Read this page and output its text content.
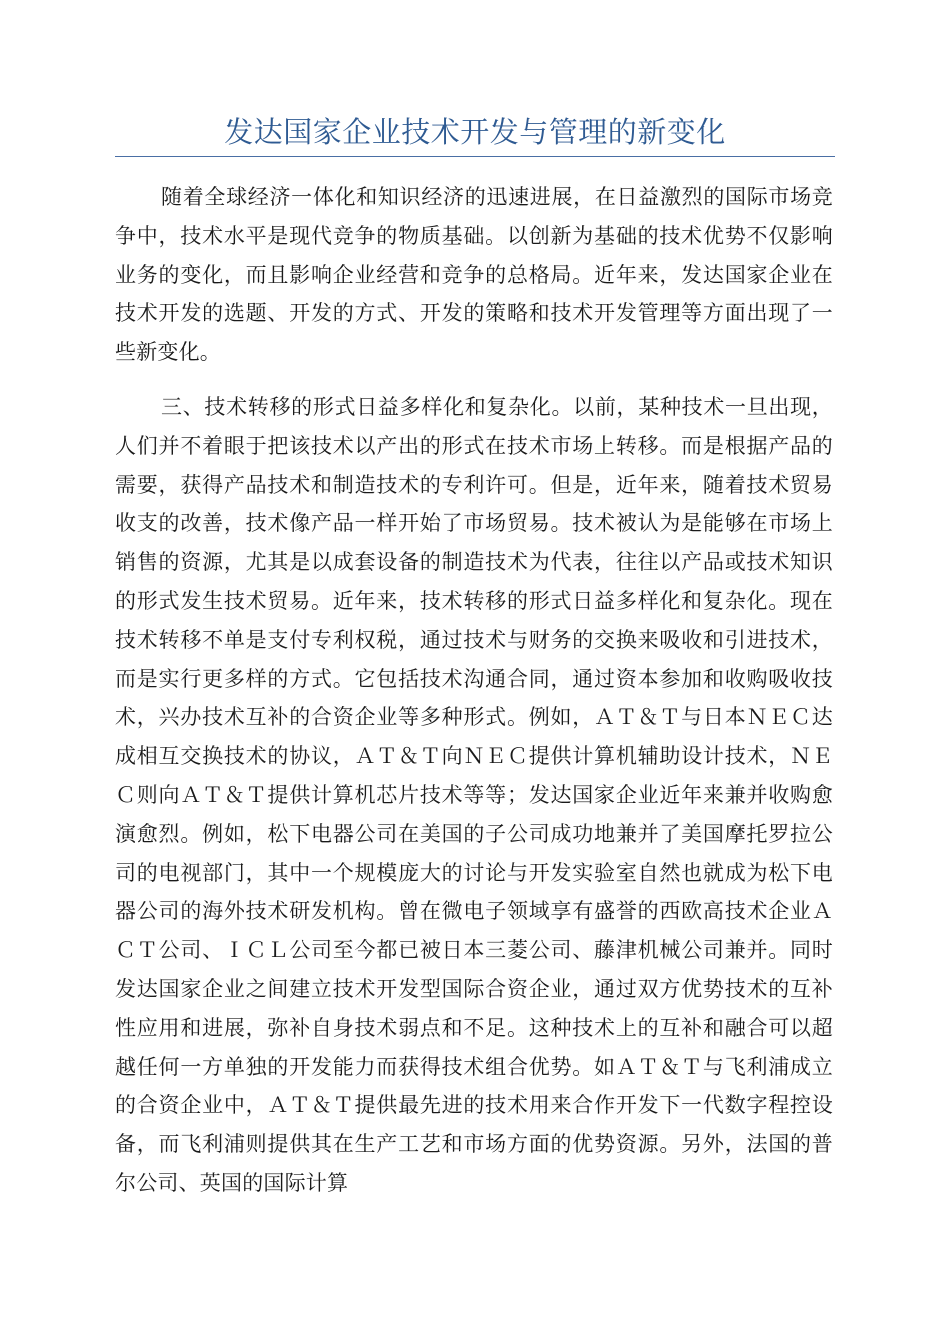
发达国家企业技术开发与管理的新变化

随着全球经济一体化和知识经济的迅速进展，在日益激烈的国际市场竞争中，技术水平是现代竞争的物质基础。以创新为基础的技术优势不仅影响业务的变化，而且影响企业经营和竞争的总格局。近年来，发达国家企业在技术开发的选题、开发的方式、开发的策略和技术开发管理等方面出现了一些新变化。

三、技术转移的形式日益多样化和复杂化。以前，某种技术一旦出现，人们并不着眼于把该技术以产出的形式在技术市场上转移。而是根据产品的需要，获得产品技术和制造技术的专利许可。但是，近年来，随着技术贸易收支的改善，技术像产品一样开始了市场贸易。技术被认为是能够在市场上销售的资源，尤其是以成套设备的制造技术为代表，往往以产品或技术知识的形式发生技术贸易。近年来，技术转移的形式日益多样化和复杂化。现在技术转移不单是支付专利权税，通过技术与财务的交换来吸收和引进技术，而是实行更多样的方式。它包括技术沟通合同，通过资本参加和收购吸收技术，兴办技术互补的合资企业等多种形式。例如，ＡＴ＆Ｔ与日本ＮＥＣ达成相互交换技术的协议，ＡＴ＆Ｔ向ＮＥＣ提供计算机辅助设计技术，ＮＥＣ则向ＡＴ＆Ｔ提供计算机芯片技术等等；发达国家企业近年来兼并收购愈演愈烈。例如，松下电器公司在美国的子公司成功地兼并了美国摩托罗拉公司的电视部门，其中一个规模庞大的讨论与开发实验室自然也就成为松下电器公司的海外技术研发机构。曾在微电子领域享有盛誉的西欧高技术企业ＡＣＴ公司、ＩＣＬ公司至今都已被日本三菱公司、藤津机械公司兼并。同时发达国家企业之间建立技术开发型国际合资企业，通过双方优势技术的互补性应用和进展，弥补自身技术弱点和不足。这种技术上的互补和融合可以超越任何一方单独的开发能力而获得技术组合优势。如ＡＴ＆Ｔ与飞利浦成立的合资企业中，ＡＴ＆Ｔ提供最先进的技术用来合作开发下一代数字程控设备，而飞利浦则提供其在生产工艺和市场方面的优势资源。另外，法国的普尔公司、英国的国际计算
